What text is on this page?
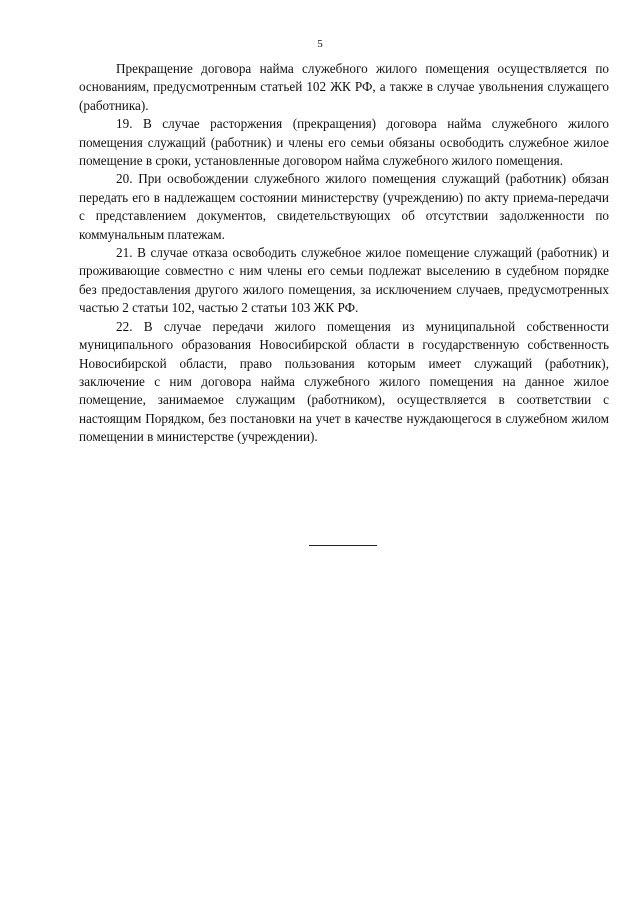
5

Прекращение договора найма служебного жилого помещения осуществляется по основаниям, предусмотренным статьей 102 ЖК РФ, а также в случае увольнения служащего (работника).

19. В случае расторжения (прекращения) договора найма служебного жилого помещения служащий (работник) и члены его семьи обязаны освободить служебное жилое помещение в сроки, установленные договором найма служебного жилого помещения.

20. При освобождении служебного жилого помещения служащий (работник) обязан передать его в надлежащем состоянии министерству (учреждению) по акту приема-передачи с представлением документов, свидетельствующих об отсутствии задолженности по коммунальным платежам.

21. В случае отказа освободить служебное жилое помещение служащий (работник) и проживающие совместно с ним члены его семьи подлежат выселению в судебном порядке без предоставления другого жилого помещения, за исключением случаев, предусмотренных частью 2 статьи 102, частью 2 статьи 103 ЖК РФ.

22. В случае передачи жилого помещения из муниципальной собственности муниципального образования Новосибирской области в государственную собственность Новосибирской области, право пользования которым имеет служащий (работник), заключение с ним договора найма служебного жилого помещения на данное жилое помещение, занимаемое служащим (работником), осуществляется в соответствии с настоящим Порядком, без постановки на учет в качестве нуждающегося в служебном жилом помещении в министерстве (учреждении).
